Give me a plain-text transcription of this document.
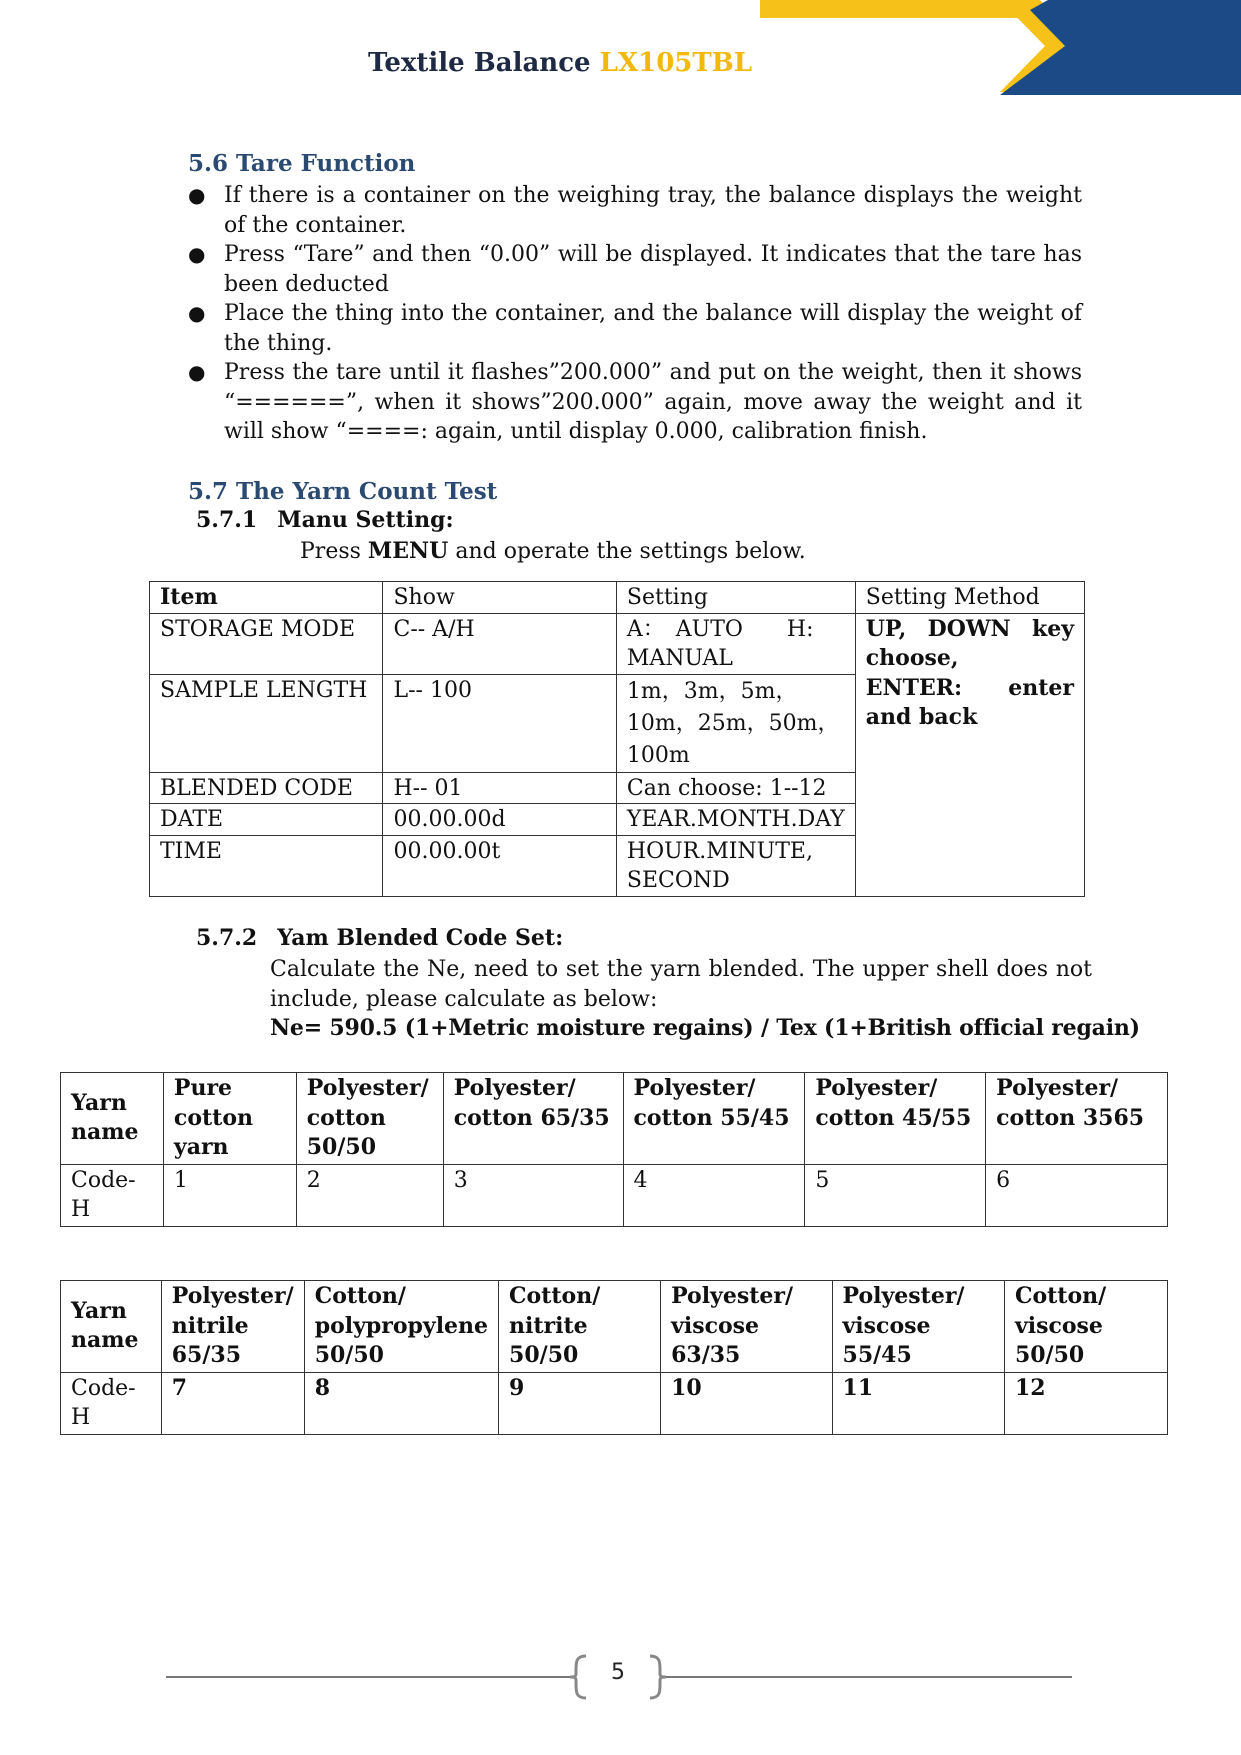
Textile Balance LX105TBL
5.6 Tare Function
● If there is a container on the weighing tray, the balance displays the weight of the container.
● Press “Tare” and then “0.00” will be displayed. It indicates that the tare has been deducted
● Place the thing into the container, and the balance will display the weight of the thing.
● Press the tare until it flashes”200.000” and put on the weight, then it shows “======”, when it shows”200.000” again, move away the weight and it will show “====: again, until display 0.000, calibration finish.
5.7 The Yarn Count Test
5.7.1 Manu Setting:
Press MENU and operate the settings below.
Item	Show	Setting	Setting Method
STORAGE MODE	C-- A/H	A：　AUTO　　H: MANUAL	UP, DOWN key choose,
ENTER: enter and back

SAMPLE LENGTH	L-- 100	1m，3m，5m，10m，25m，50m，100m	
BLENDED CODE	H-- 01	Can choose: 1--12	
DATE	00.00.00d	YEAR.MONTH.DAY	
TIME	00.00.00t	HOUR.MINUTE, SECOND	
5.7.2 Yam Blended Code Set:
Calculate the Ne, need to set the yarn blended. The upper shell does not include, please calculate as below:
Ne= 590.5 (1+Metric moisture regains) / Tex (1+British official regain)
Yarn name	Pure cotton yarn	Polyester/ cotton 50/50	Polyester/ cotton 65/35	Polyester/ cotton 55/45	Polyester/ cotton 45/55	Polyester/ cotton 3565
Code-H	1	2	3	4	5	6
Yarn name	Polyester/ nitrile 65/35	Cotton/ polypropylene 50/50	Cotton/ nitrite 50/50	Polyester/ viscose 63/35	Polyester/ viscose 55/45	Cotton/ viscose 50/50
Code-H	7	8	9	10	11	12
5
